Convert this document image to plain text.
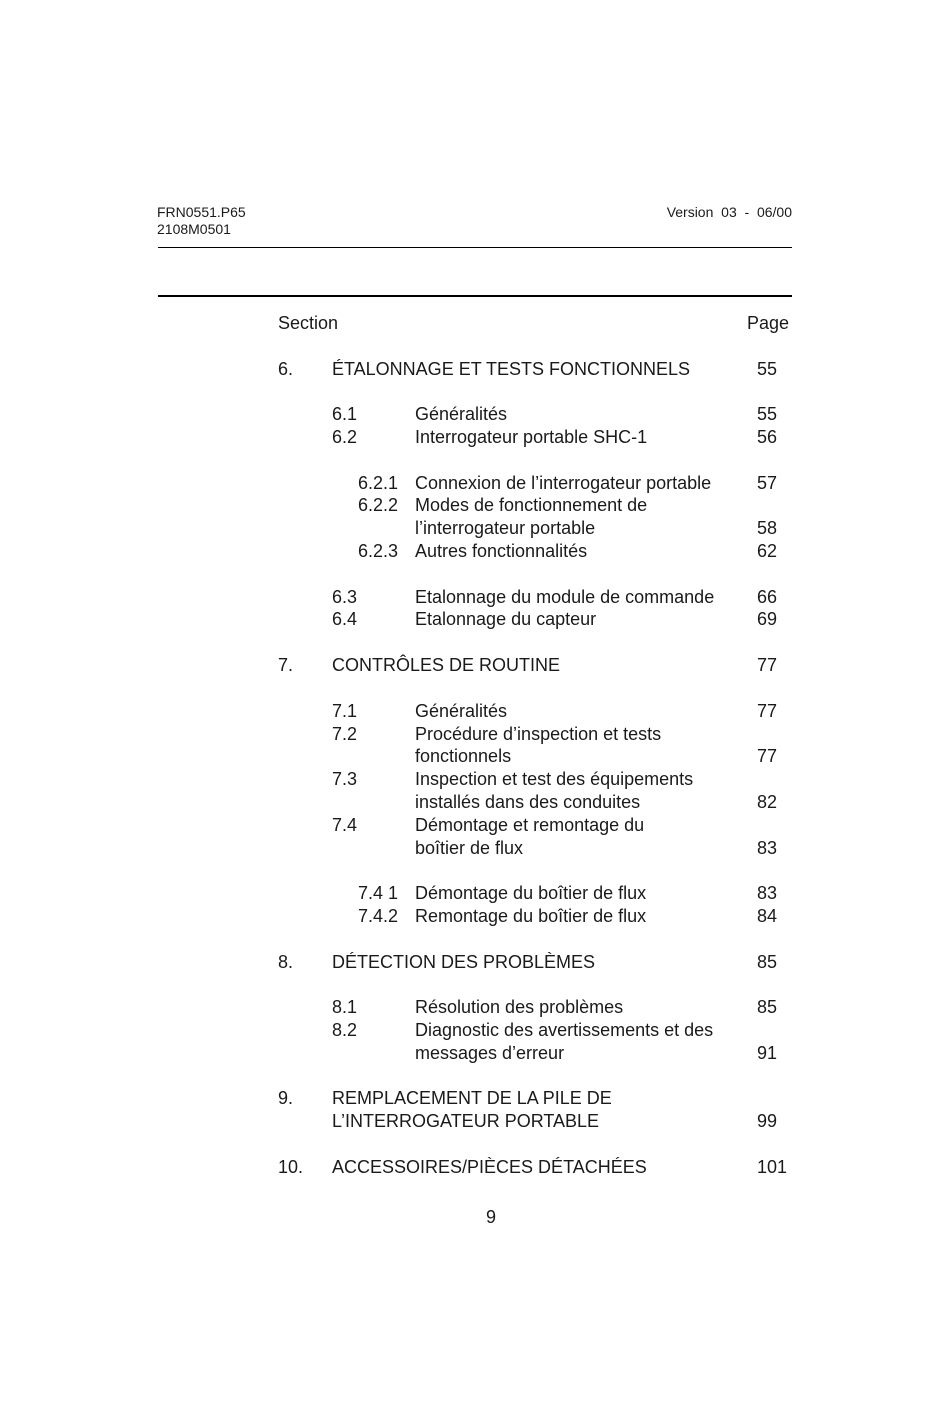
FRN0551.P65
2108M0501
Version  03  -  06/00
Section	Page
6. ÉTALONNAGE ET TESTS FONCTIONNELS	55
6.1	Généralités	55
6.2	Interrogateur portable SHC-1	56
6.2.1 Connexion de l’interrogateur portable	57
6.2.2 Modes de fonctionnement de
l’interrogateur portable	58
6.2.3 Autres fonctionnalités	62
6.3	Etalonnage du module de commande 66
6.4	Etalonnage du capteur	69
7. CONTRÔLES DE ROUTINE	77
7.1	Généralités	77
7.2	Procédure d’inspection et tests
fonctionnels	77
7.3	Inspection et test des équipements
installés dans des conduites	82
7.4	Démontage et remontage du
boîtier de flux	83
7.4 1 Démontage du boîtier de flux	83
7.4.2 Remontage du boîtier de flux	84
8. DÉTECTION DES PROBLÈMES	85
8.1	Résolution des problèmes	85
8.2	Diagnostic des avertissements et des
messages d’erreur	91
9. REMPLACEMENT DE LA PILE DE
L’INTERROGATEUR PORTABLE	99
10. ACCESSOIRES/PIÈCES DÉTACHÉES	101
9
